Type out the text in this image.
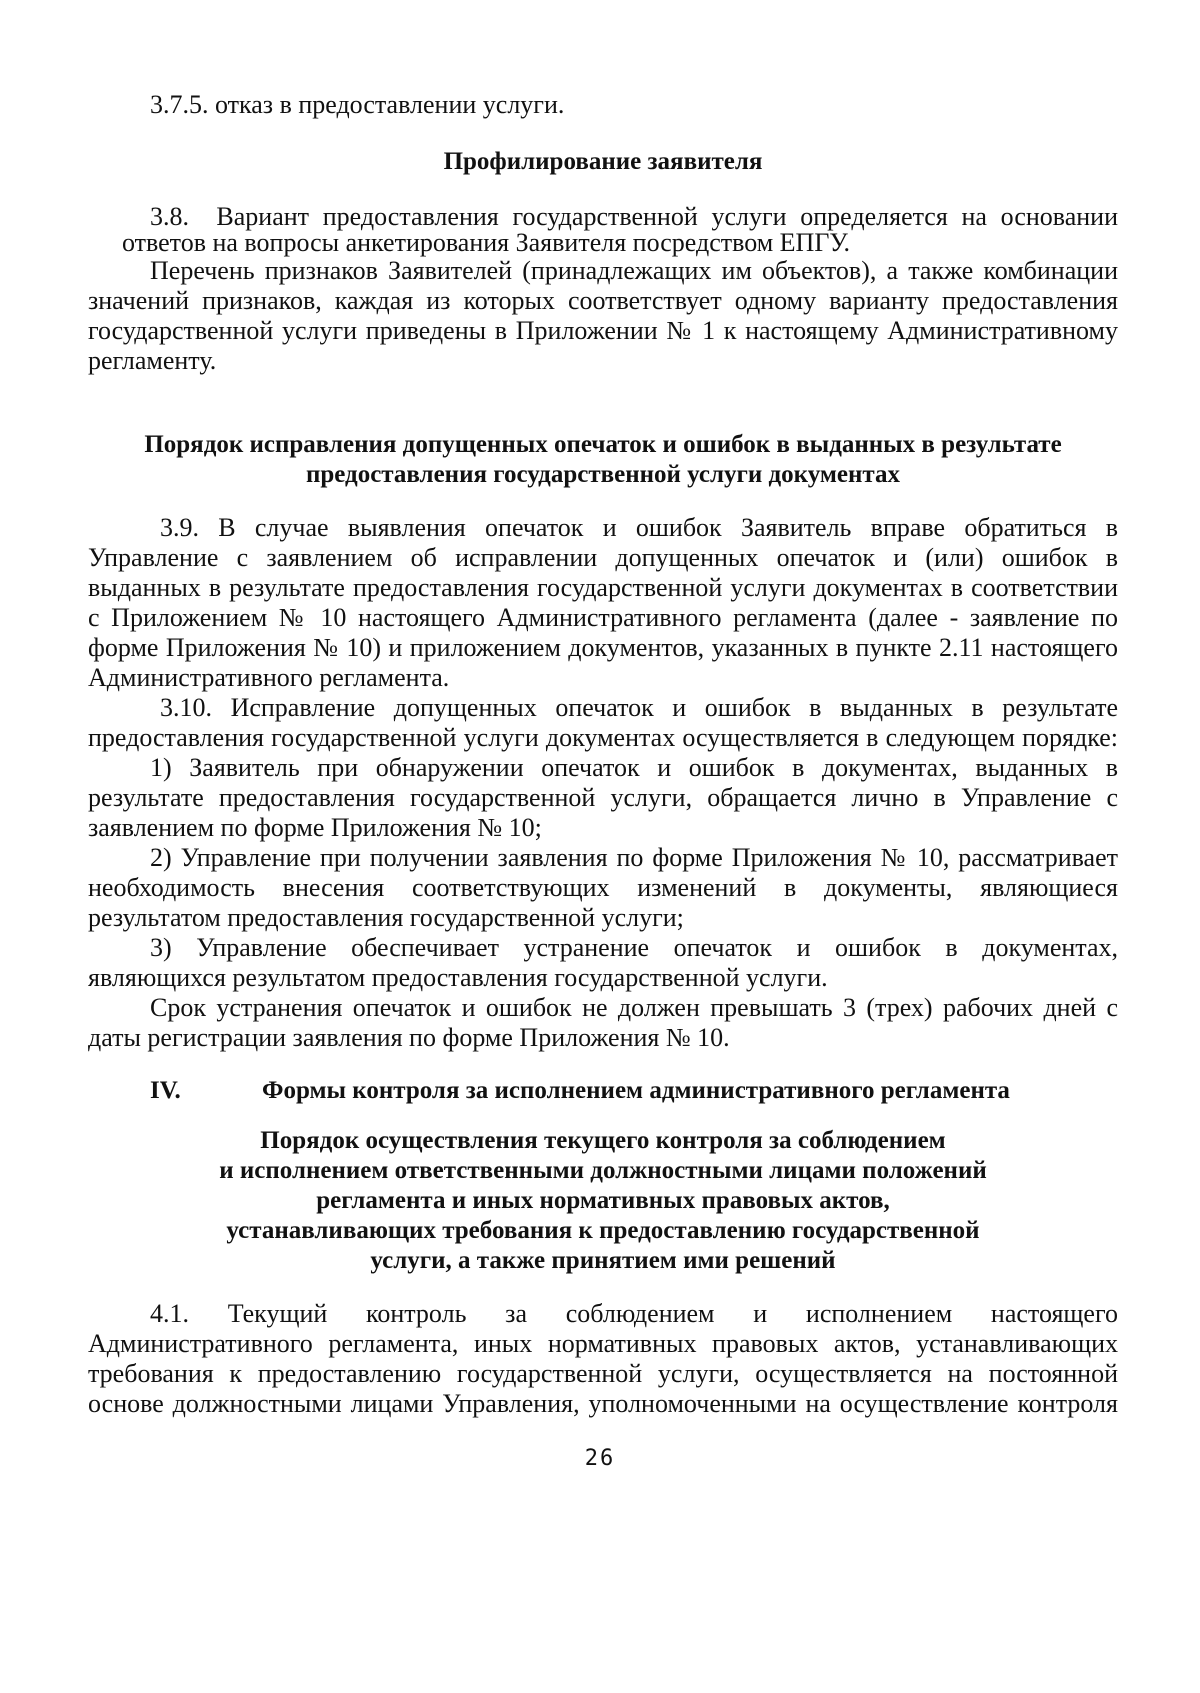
3.7.5. отказ в предоставлении услуги.
Профилирование заявителя
3.8.  Вариант предоставления государственной услуги определяется на основании
ответов на вопросы анкетирования Заявителя посредством ЕПГУ.
Перечень признаков Заявителей (принадлежащих им объектов), а также комбинации
значений признаков, каждая из которых соответствует одному варианту предоставления
государственной услуги приведены в Приложении № 1 к настоящему Административному
регламенту.
Порядок исправления допущенных опечаток и ошибок в выданных в результате
предоставления государственной услуги документах
3.9. В случае выявления опечаток и ошибок Заявитель вправе обратиться в
Управление с заявлением об исправлении допущенных опечаток и (или) ошибок в
выданных в результате предоставления государственной услуги документах в соответствии
с Приложением № 10 настоящего Административного регламента (далее - заявление по
форме Приложения № 10) и приложением документов, указанных в пункте 2.11 настоящего
Административного регламента.
3.10. Исправление допущенных опечаток и ошибок в выданных в результате
предоставления государственной услуги документах осуществляется в следующем порядке:
1) Заявитель при обнаружении опечаток и ошибок в документах, выданных в
результате предоставления государственной услуги, обращается лично в Управление с
заявлением по форме Приложения № 10;
2) Управление при получении заявления по форме Приложения № 10, рассматривает
необходимость внесения соответствующих изменений в документы, являющиеся
результатом предоставления государственной услуги;
3) Управление обеспечивает устранение опечаток и ошибок в документах,
являющихся результатом предоставления государственной услуги.
Срок устранения опечаток и ошибок не должен превышать 3 (трех) рабочих дней с
даты регистрации заявления по форме Приложения № 10.
IV.	Формы контроля за исполнением административного регламента
Порядок осуществления текущего контроля за соблюдением
и исполнением ответственными должностными лицами положений
регламента и иных нормативных правовых актов,
устанавливающих требования к предоставлению государственной
услуги, а также принятием ими решений
4.1. Текущий контроль за соблюдением и исполнением настоящего
Административного регламента, иных нормативных правовых актов, устанавливающих
требования к предоставлению государственной услуги, осуществляется на постоянной
основе должностными лицами Управления, уполномоченными на осуществление контроля
26
